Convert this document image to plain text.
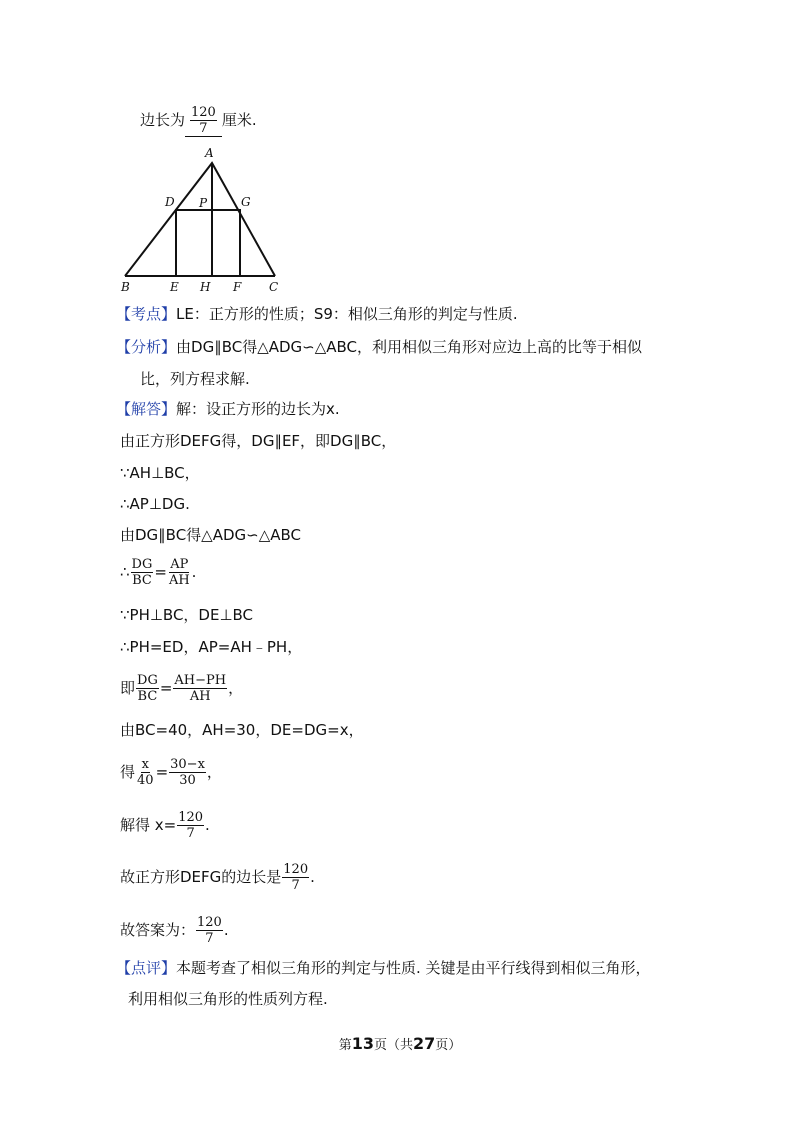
边长为 $\frac{120}{7}$ 厘米.
A
D P	G
B	E H F C
【考点】LE：正方形的性质；S9：相似三角形的判定与性质.
【分析】由DG∥BC得△ADG∽△ABC，利用相似三角形对应边上高的比等于相似
比，列方程求解.
【解答】解：设正方形的边长为x.
由正方形DEFG得，DG∥EF，即DG∥BC，
∵AH⊥BC，
∴AP⊥DG.
由DG∥BC得△ADG∽△ABC
∴ $\frac{DG}{BC} = \frac{AP}{AH}$ .
∵PH⊥BC，DE⊥BC
∴PH=ED，AP=AH﹣PH，
即 $\frac{DG}{BC} = \frac{AH-PH}{AH}$ ，
由BC=40，AH=30，DE=DG=x，
得 $\frac{x}{40} = \frac{30-x}{30}$ ，
解得 $x= \frac{120}{7}$ .
故正方形DEFG的边长是 $\frac{120}{7}$ .
故答案为： $\frac{120}{7}$ .
【点评】本题考查了相似三角形的判定与性质. 关键是由平行线得到相似三角形，
利用相似三角形的性质列方程.
第13页（共27页）
